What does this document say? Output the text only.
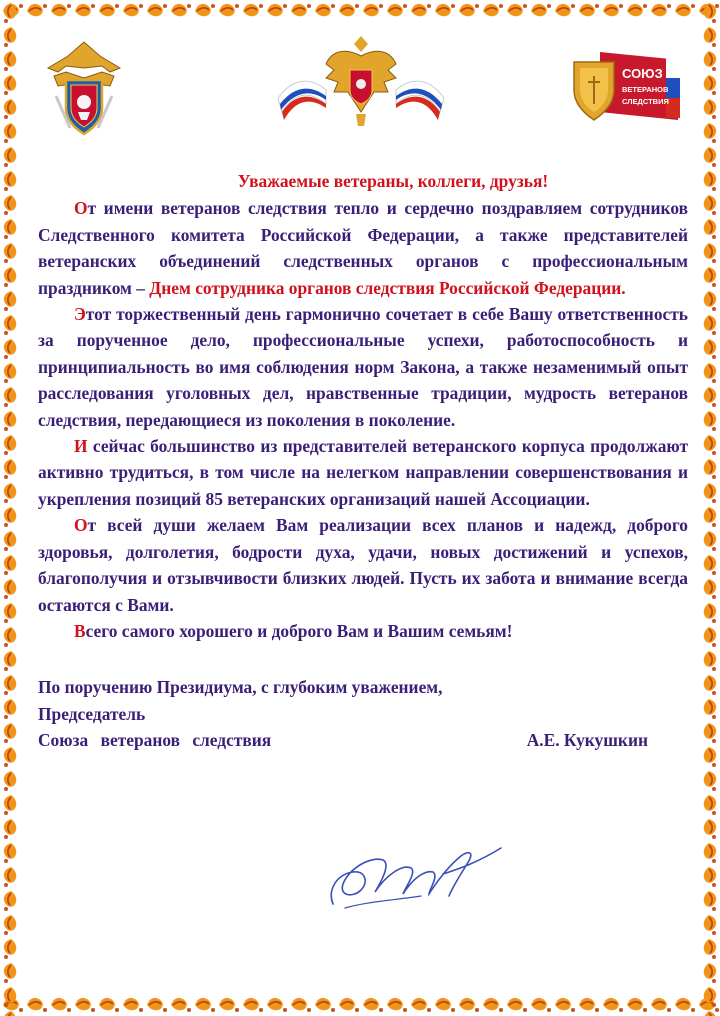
СОЮЗ
ВЕТЕРАНОВ
СЛЕДСТВИЯ

Уважаемые ветераны, коллеги, друзья!

От имени ветеранов следствия тепло и сердечно поздравляем сотрудников Следственного комитета Российской Федерации, а также представителей ветеранских объединений следственных органов с профессиональным праздником – Днем сотрудника органов следствия Российской Федерации.

Этот торжественный день гармонично сочетает в себе Вашу ответственность за порученное дело, профессиональные успехи, работоспособность и принципиальность во имя соблюдения норм Закона, а также незаменимый опыт расследования уголовных дел, нравственные традиции, мудрость ветеранов следствия, передающиеся из поколения в поколение.

И сейчас большинство из представителей ветеранского корпуса продолжают активно трудиться, в том числе на нелегком направлении совершенствования и укрепления позиций 85 ветеранских организаций нашей Ассоциации.

От всей души желаем Вам реализации всех планов и надежд, доброго здоровья, долголетия, бодрости духа, удачи, новых достижений и успехов, благополучия и отзывчивости близких людей. Пусть их забота и внимание всегда остаются с Вами.

Всего самого хорошего и доброго Вам и Вашим семьям!

По поручению Президиума, с глубоким уважением,
Председатель
Союза ветеранов следствия	А.Е. Кукушкин
